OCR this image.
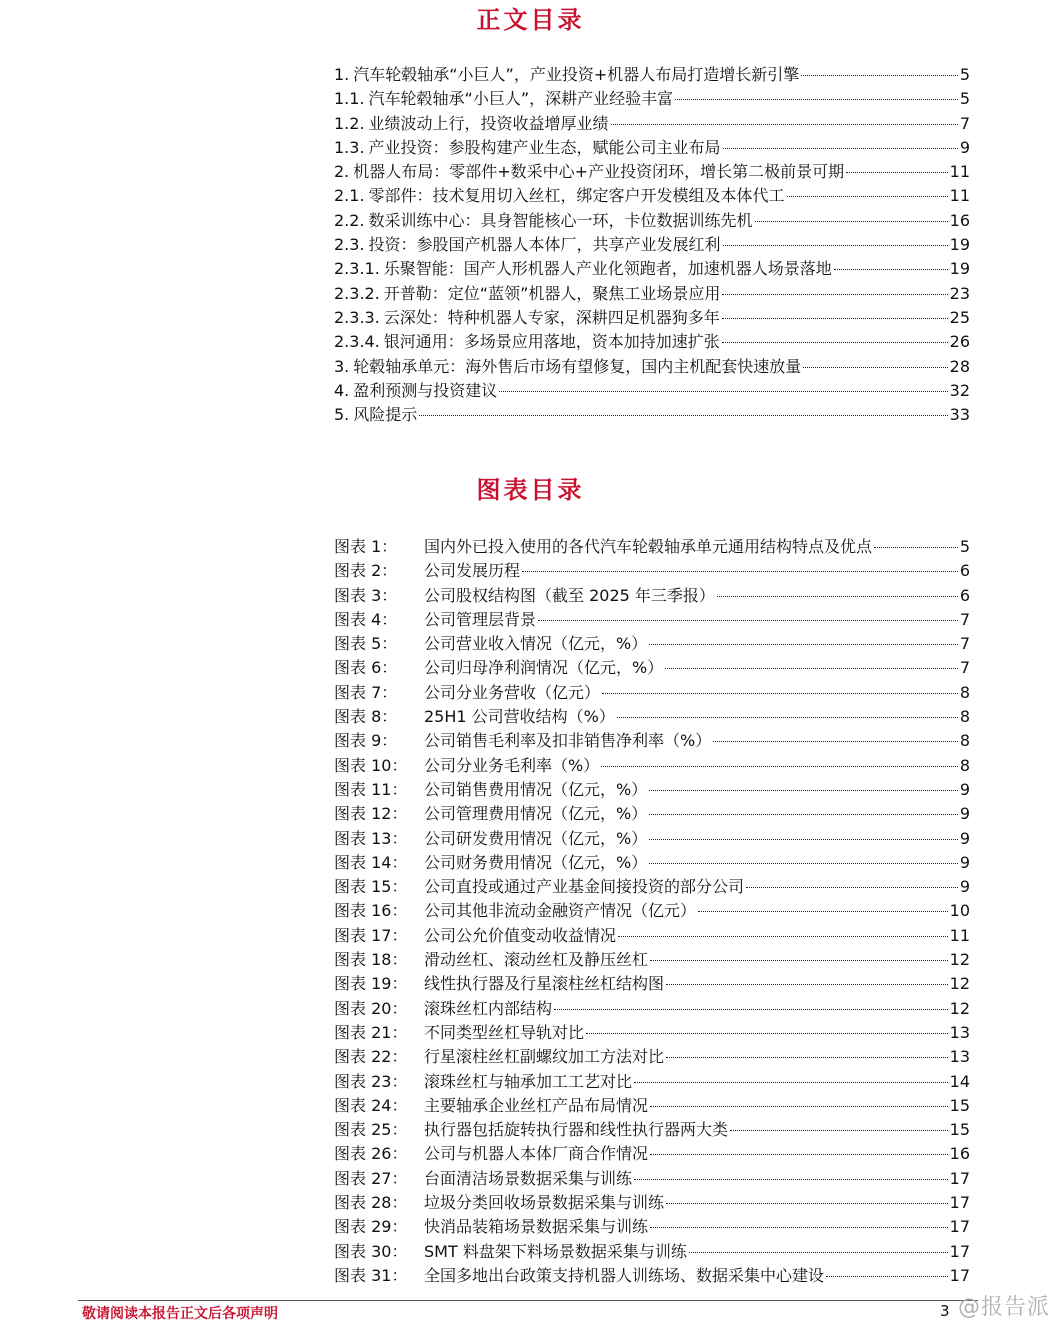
正文目录
1. 汽车轮毂轴承“小巨人”，产业投资+机器人布局打造增长新引擎	5
1.1. 汽车轮毂轴承“小巨人”，深耕产业经验丰富	5
1.2. 业绩波动上行，投资收益增厚业绩	7
1.3. 产业投资：参股构建产业生态，赋能公司主业布局	9
2. 机器人布局：零部件+数采中心+产业投资闭环，增长第二极前景可期	11
2.1. 零部件：技术复用切入丝杠，绑定客户开发模组及本体代工	11
2.2. 数采训练中心：具身智能核心一环，卡位数据训练先机	16
2.3. 投资：参股国产机器人本体厂，共享产业发展红利	19
2.3.1. 乐聚智能：国产人形机器人产业化领跑者，加速机器人场景落地	19
2.3.2. 开普勒：定位“蓝领”机器人，聚焦工业场景应用	23
2.3.3. 云深处：特种机器人专家，深耕四足机器狗多年	25
2.3.4. 银河通用：多场景应用落地，资本加持加速扩张	26
3. 轮毂轴承单元：海外售后市场有望修复，国内主机配套快速放量	28
4. 盈利预测与投资建议	32
5. 风险提示	33
图表目录
图表 1：	国内外已投入使用的各代汽车轮毂轴承单元通用结构特点及优点	5
图表 2：	公司发展历程	6
图表 3：	公司股权结构图（截至 2025 年三季报）	6
图表 4：	公司管理层背景	7
图表 5：	公司营业收入情况（亿元，%）	7
图表 6：	公司归母净利润情况（亿元，%）	7
图表 7：	公司分业务营收（亿元）	8
图表 8：	25H1 公司营收结构（%）	8
图表 9：	公司销售毛利率及扣非销售净利率（%）	8
图表 10：	公司分业务毛利率（%）	8
图表 11：	公司销售费用情况（亿元，%）	9
图表 12：	公司管理费用情况（亿元，%）	9
图表 13：	公司研发费用情况（亿元，%）	9
图表 14：	公司财务费用情况（亿元，%）	9
图表 15：	公司直投或通过产业基金间接投资的部分公司	9
图表 16：	公司其他非流动金融资产情况（亿元）	10
图表 17：	公司公允价值变动收益情况	11
图表 18：	滑动丝杠、滚动丝杠及静压丝杠	12
图表 19：	线性执行器及行星滚柱丝杠结构图	12
图表 20：	滚珠丝杠内部结构	12
图表 21：	不同类型丝杠导轨对比	13
图表 22：	行星滚柱丝杠副螺纹加工方法对比	13
图表 23：	滚珠丝杠与轴承加工工艺对比	14
图表 24：	主要轴承企业丝杠产品布局情况	15
图表 25：	执行器包括旋转执行器和线性执行器两大类	15
图表 26：	公司与机器人本体厂商合作情况	16
图表 27：	台面清洁场景数据采集与训练	17
图表 28：	垃圾分类回收场景数据采集与训练	17
图表 29：	快消品装箱场景数据采集与训练	17
图表 30：	SMT 料盘架下料场景数据采集与训练	17
图表 31：	全国多地出台政策支持机器人训练场、数据采集中心建设	17
敬请阅读本报告正文后各项声明	3 @报告派
